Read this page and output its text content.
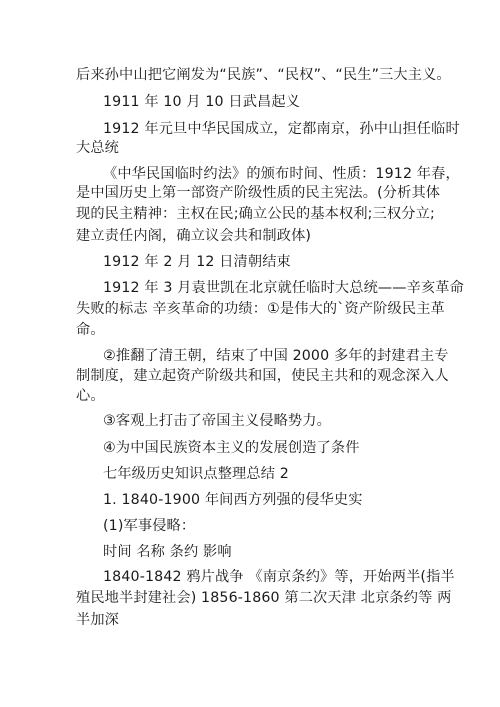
后来孙中山把它阐发为“民族”、“民权”、“民生”三大主义。
1911 年 10 月 10 日武昌起义
1912 年元旦中华民国成立，定都南京，孙中山担任临时
大总统
《中华民国临时约法》的颁布时间、性质：1912 年春，
是中国历史上第一部资产阶级性质的民主宪法。(分析其体
现的民主精神：主权在民;确立公民的基本权利;三权分立;
建立责任内阁，确立议会共和制政体)
1912 年 2 月 12 日清朝结束
1912 年 3 月袁世凯在北京就任临时大总统——辛亥革命
失败的标志 辛亥革命的功绩：①是伟大的`资产阶级民主革
命。
②推翻了清王朝，结束了中国 2000 多年的封建君主专
制制度，建立起资产阶级共和国，使民主共和的观念深入人
心。
③客观上打击了帝国主义侵略势力。
④为中国民族资本主义的发展创造了条件
七年级历史知识点整理总结 2
1. 1840-1900 年间西方列强的侵华史实
(1)军事侵略：
时间 名称 条约 影响
1840-1842 鸦片战争 《南京条约》等，开始两半(指半
殖民地半封建社会) 1856-1860 第二次天津 北京条约等 两
半加深
